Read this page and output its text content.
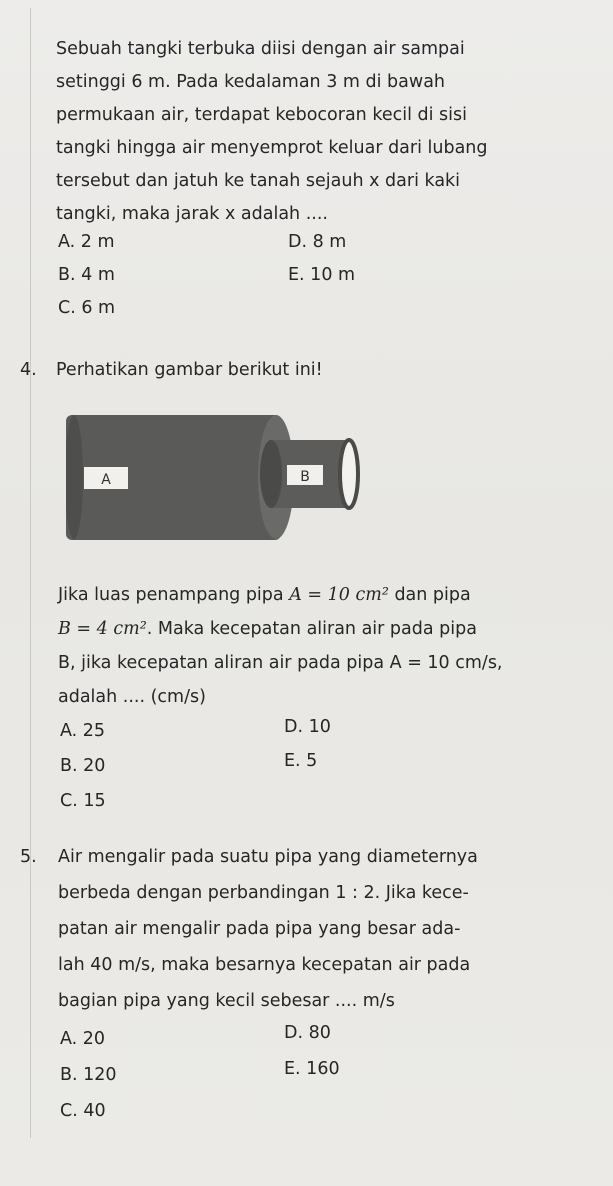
Sebuah tangki terbuka diisi dengan air sampai
setinggi 6 m. Pada kedalaman 3 m di bawah
permukaan air, terdapat kebocoran kecil di sisi
tangki hingga air menyemprot keluar dari lubang
tersebut dan jatuh ke tanah sejauh x dari kaki
tangki, maka jarak x adalah ....
A. 2 m
B. 4 m
C. 6 m
D. 8 m
E. 10 m
4. Perhatikan gambar berikut ini!
A	B
Jika luas penampang pipa A = 10 cm² dan pipa
B = 4 cm². Maka kecepatan aliran air pada pipa
B, jika kecepatan aliran air pada pipa A = 10 cm/s,
adalah .... (cm/s)
A. 25
B. 20
C. 15
D. 10
E. 5
5. Air mengalir pada suatu pipa yang diameternya
berbeda dengan perbandingan 1 : 2. Jika kece-
patan air mengalir pada pipa yang besar ada-
lah 40 m/s, maka besarnya kecepatan air pada
bagian pipa yang kecil sebesar .... m/s
A. 20
B. 120
C. 40
D. 80
E. 160
